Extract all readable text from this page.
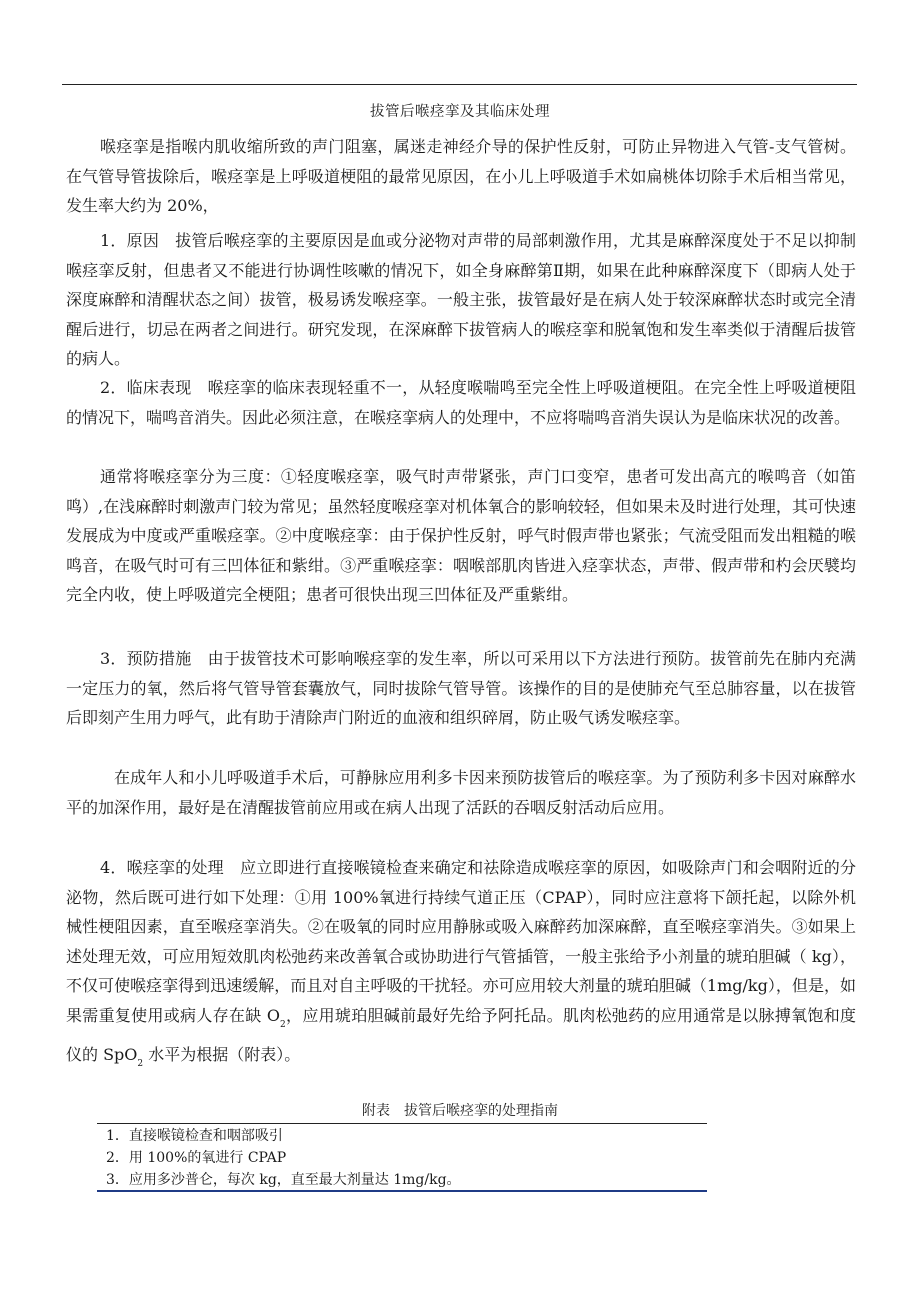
拔管后喉痉挛及其临床处理

喉痉挛是指喉内肌收缩所致的声门阻塞，属迷走神经介导的保护性反射，可防止异物进入气管-支气管树。在气管导管拔除后，喉痉挛是上呼吸道梗阻的最常见原因，在小儿上呼吸道手术如扁桃体切除手术后相当常见，发生率大约为 20%，

1．原因　拔管后喉痉挛的主要原因是血或分泌物对声带的局部刺激作用，尤其是麻醉深度处于不足以抑制喉痉挛反射，但患者又不能进行协调性咳嗽的情况下，如全身麻醉第Ⅱ期，如果在此种麻醉深度下（即病人处于深度麻醉和清醒状态之间）拔管，极易诱发喉痉挛。一般主张，拔管最好是在病人处于较深麻醉状态时或完全清醒后进行，切忌在两者之间进行。研究发现，在深麻醉下拔管病人的喉痉挛和脱氧饱和发生率类似于清醒后拔管的病人。

2．临床表现　喉痉挛的临床表现轻重不一，从轻度喉喘鸣至完全性上呼吸道梗阻。在完全性上呼吸道梗阻的情况下，喘鸣音消失。因此必须注意，在喉痉挛病人的处理中，不应将喘鸣音消失误认为是临床状况的改善。

通常将喉痉挛分为三度：①轻度喉痉挛，吸气时声带紧张，声门口变窄，患者可发出高亢的喉鸣音（如笛鸣）,在浅麻醉时刺激声门较为常见；虽然轻度喉痉挛对机体氧合的影响较轻，但如果未及时进行处理，其可快速发展成为中度或严重喉痉挛。②中度喉痉挛：由于保护性反射，呼气时假声带也紧张；气流受阻而发出粗糙的喉鸣音，在吸气时可有三凹体征和紫绀。③严重喉痉挛：咽喉部肌肉皆进入痉挛状态，声带、假声带和杓会厌襞均完全内收，使上呼吸道完全梗阻；患者可很快出现三凹体征及严重紫绀。

3．预防措施　由于拔管技术可影响喉痉挛的发生率，所以可采用以下方法进行预防。拔管前先在肺内充满一定压力的氧，然后将气管导管套囊放气，同时拔除气管导管。该操作的目的是使肺充气至总肺容量，以在拔管后即刻产生用力呼气，此有助于清除声门附近的血液和组织碎屑，防止吸气诱发喉痉挛。

在成年人和小儿呼吸道手术后，可静脉应用利多卡因来预防拔管后的喉痉挛。为了预防利多卡因对麻醉水平的加深作用，最好是在清醒拔管前应用或在病人出现了活跃的吞咽反射活动后应用。

4．喉痉挛的处理　应立即进行直接喉镜检查来确定和祛除造成喉痉挛的原因，如吸除声门和会咽附近的分泌物，然后既可进行如下处理：①用 100%氧进行持续气道正压（CPAP），同时应注意将下颌托起，以除外机械性梗阻因素，直至喉痉挛消失。②在吸氧的同时应用静脉或吸入麻醉药加深麻醉，直至喉痉挛消失。③如果上述处理无效，可应用短效肌肉松弛药来改善氧合或协助进行气管插管，一般主张给予小剂量的琥珀胆碱（ kg），不仅可使喉痉挛得到迅速缓解，而且对自主呼吸的干扰轻。亦可应用较大剂量的琥珀胆碱（1mg/kg），但是，如果需重复使用或病人存在缺 $O_2$，应用琥珀胆碱前最好先给予阿托品。肌肉松弛药的应用通常是以脉搏氧饱和度仪的 SpO$_2$ 水平为根据（附表）。

附表　拔管后喉痉挛的处理指南
1．直接喉镜检查和咽部吸引
2．用 100%的氧进行 CPAP
3．应用多沙普仑，每次 kg，直至最大剂量达 1mg/kg。
